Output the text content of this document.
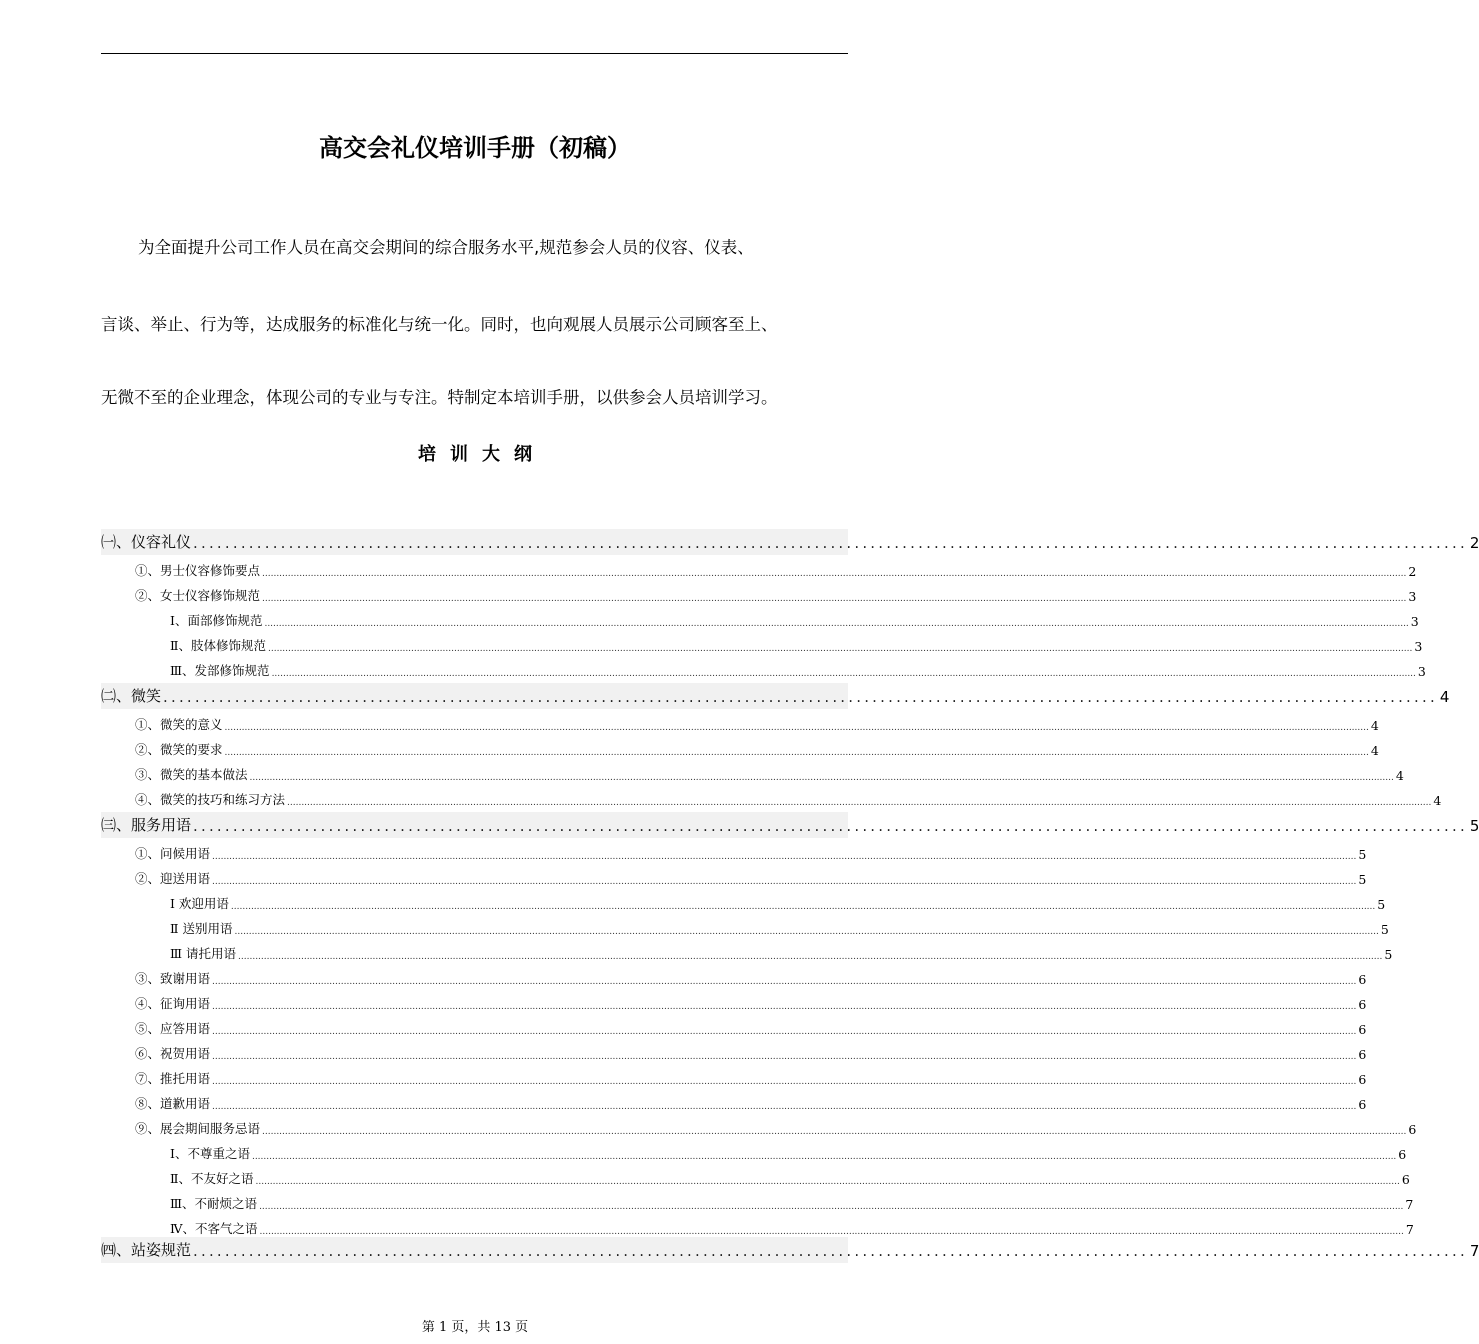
高交会礼仪培训手册（初稿）
为全面提升公司工作人员在高交会期间的综合服务水平,规范参会人员的仪容、仪表、
言谈、举止、行为等，达成服务的标准化与统一化。同时，也向观展人员展示公司顾客至上、
无微不至的企业理念，体现公司的专业与专注。特制定本培训手册，以供参会人员培训学习。
培 训 大 纲
㈠、仪容礼仪 ................................................................................................................................................................ 2
①、男士仪容修饰要点 ................................................................................................................................................................................................................................................................................................................................................................................................................ 2
②、女士仪容修饰规范 ................................................................................................................................................................................................................................................................................................................................................................................................................ 3
Ⅰ、面部修饰规范 ................................................................................................................................................................................................................................................................................................................................................................................................................ 3
Ⅱ、肢体修饰规范 ................................................................................................................................................................................................................................................................................................................................................................................................................ 3
Ⅲ、发部修饰规范 ................................................................................................................................................................................................................................................................................................................................................................................................................ 3
㈡、微笑 ................................................................................................................................................................ 4
①、微笑的意义 ................................................................................................................................................................................................................................................................................................................................................................................................................ 4
②、微笑的要求 ................................................................................................................................................................................................................................................................................................................................................................................................................ 4
③、微笑的基本做法 ................................................................................................................................................................................................................................................................................................................................................................................................................ 4
④、微笑的技巧和练习方法 ................................................................................................................................................................................................................................................................................................................................................................................................................ 4
㈢、服务用语 ................................................................................................................................................................ 5
①、问候用语 ................................................................................................................................................................................................................................................................................................................................................................................................................ 5
②、迎送用语 ................................................................................................................................................................................................................................................................................................................................................................................................................ 5
Ⅰ 欢迎用语 ................................................................................................................................................................................................................................................................................................................................................................................................................ 5
Ⅱ 送别用语 ................................................................................................................................................................................................................................................................................................................................................................................................................ 5
Ⅲ 请托用语 ................................................................................................................................................................................................................................................................................................................................................................................................................ 5
③、致谢用语 ................................................................................................................................................................................................................................................................................................................................................................................................................ 6
④、征询用语 ................................................................................................................................................................................................................................................................................................................................................................................................................ 6
⑤、应答用语 ................................................................................................................................................................................................................................................................................................................................................................................................................ 6
⑥、祝贺用语 ................................................................................................................................................................................................................................................................................................................................................................................................................ 6
⑦、推托用语 ................................................................................................................................................................................................................................................................................................................................................................................................................ 6
⑧、道歉用语 ................................................................................................................................................................................................................................................................................................................................................................................................................ 6
⑨、展会期间服务忌语 ................................................................................................................................................................................................................................................................................................................................................................................................................ 6
Ⅰ、不尊重之语 ................................................................................................................................................................................................................................................................................................................................................................................................................ 6
Ⅱ、不友好之语 ................................................................................................................................................................................................................................................................................................................................................................................................................ 6
Ⅲ、不耐烦之语 ................................................................................................................................................................................................................................................................................................................................................................................................................ 7
Ⅳ、不客气之语 ................................................................................................................................................................................................................................................................................................................................................................................................................ 7
㈣、站姿规范 ................................................................................................................................................................ 7
第 1 页，共 13 页
